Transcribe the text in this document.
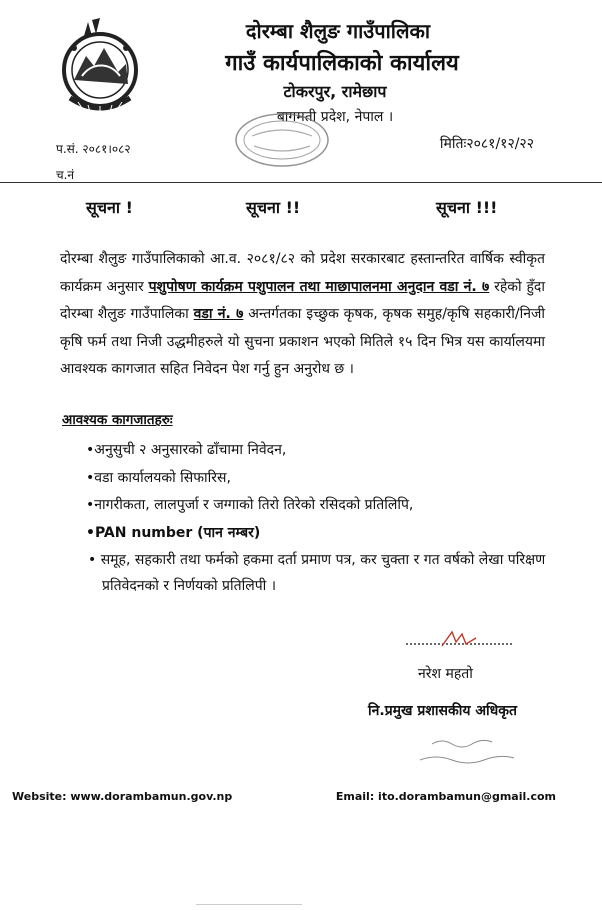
दोरम्बा शैलुङ गाउँपालिका
गाउँ कार्यपालिकाको कार्यालय
टोकरपुर, रामेछाप
बागमती प्रदेश, नेपाल ।
प.सं. २०८१।०८२
च.नं
मितिः२०८१/१२/२२
सूचना !	सूचना !!	सूचना !!!
दोरम्बा शैलुङ गाउँपालिकाको आ.व. २०८१/८२ को प्रदेश सरकारबाट हस्तान्तरित वार्षिक स्वीकृत कार्यक्रम अनुसार पशुपोषण कार्यक्रम पशुपालन तथा माछापालनमा अनुदान वडा नं. ७ रहेको हुँदा दोरम्बा शैलुङ गाउँपालिका वडा नं. ७ अन्तर्गतका इच्छुक कृषक, कृषक समुह/कृषि सहकारी/निजी कृषि फर्म तथा निजी उद्धमीहरुले यो सुचना प्रकाशन भएको मितिले १५ दिन भित्र यस कार्यालयमा आवश्यक कागजात सहित निवेदन पेश गर्नु हुन अनुरोध छ ।
आवश्यक कागजातहरुः
•अनुसुची २ अनुसारको ढाँचामा निवेदन,
•वडा कार्यालयको सिफारिस,
•नागरीकता, लालपुर्जा र जग्गाको तिरो तिरेको रसिदको प्रतिलिपि,
•PAN number (पान नम्बर)
• समूह, सहकारी तथा फर्मको हकमा दर्ता प्रमाण पत्र, कर चुक्ता र गत वर्षको लेखा परिक्षण प्रतिवेदनको र निर्णयको प्रतिलिपी ।
नरेश महतो
नि.प्रमुख प्रशासकीय अधिकृत
Website: www.dorambamun.gov.np	Email: ito.dorambamun@gmail.com
